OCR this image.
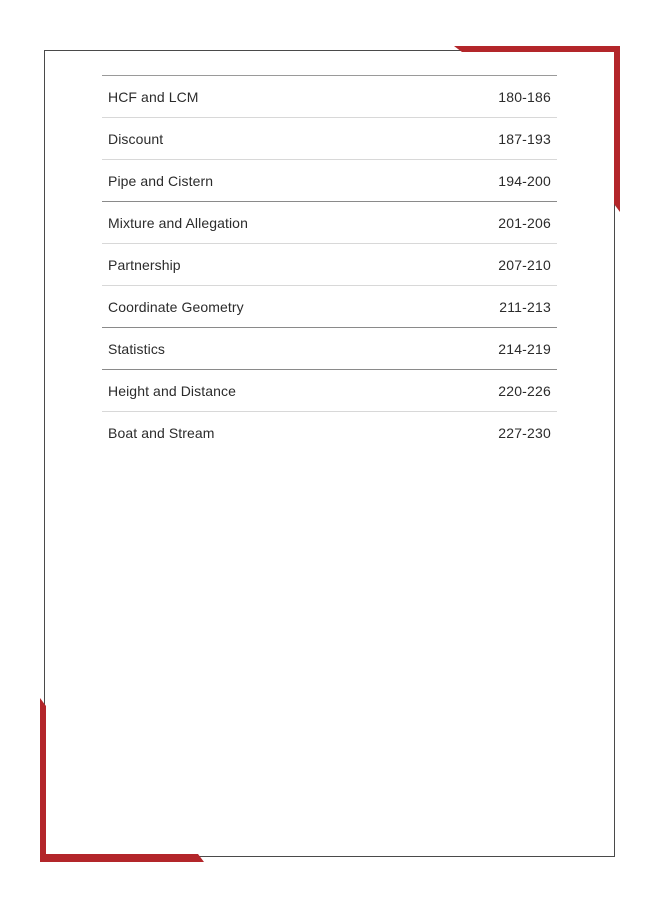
HCF and LCM	180-186
Discount	187-193
Pipe and Cistern	194-200
Mixture and Allegation	201-206
Partnership	207-210
Coordinate Geometry	211-213
Statistics	214-219
Height and Distance	220-226
Boat and Stream	227-230
